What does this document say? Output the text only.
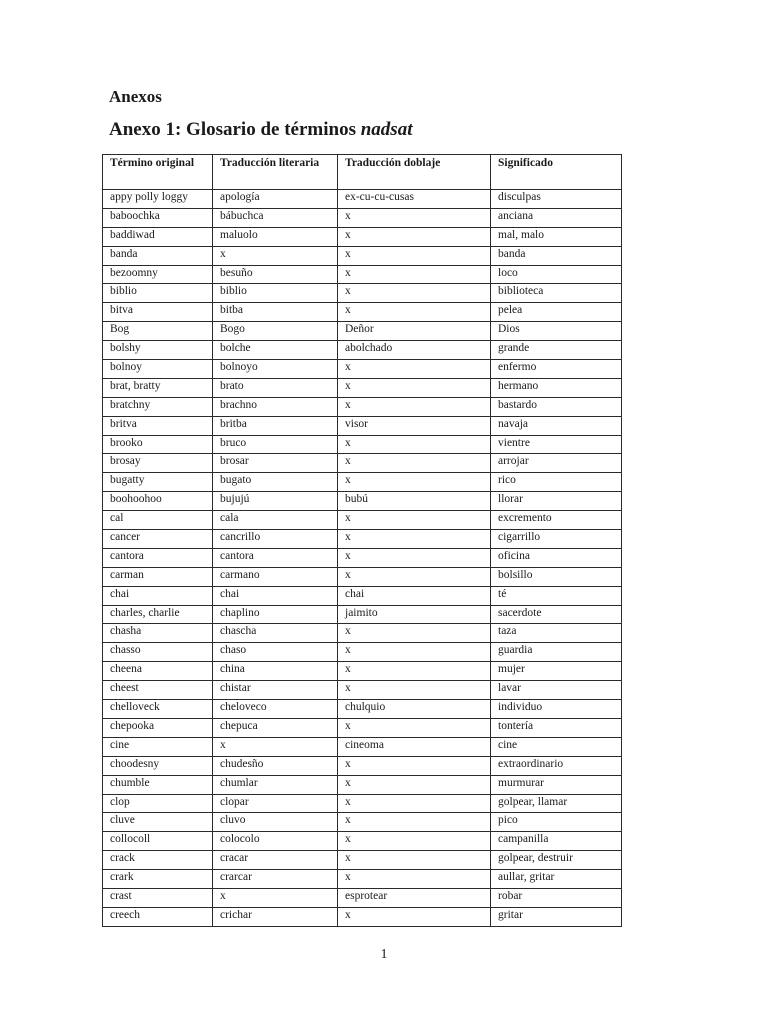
Anexos
Anexo 1: Glosario de términos nadsat
Término original	Traducción literaria	Traducción doblaje	Significado
appy polly loggy	apología	ex-cu-cu-cusas	disculpas
baboochka	bábuchca	x	anciana
baddiwad	maluolo	x	mal, malo
banda	x	x	banda
bezoomny	besuño	x	loco
biblio	biblio	x	biblioteca
bitva	bitba	x	pelea
Bog	Bogo	Deñor	Dios
bolshy	bolche	abolchado	grande
bolnoy	bolnoyo	x	enfermo
brat, bratty	brato	x	hermano
bratchny	brachno	x	bastardo
britva	britba	visor	navaja
brooko	bruco	x	vientre
brosay	brosar	x	arrojar
bugatty	bugato	x	rico
boohoohoo	bujujú	bubú	llorar
cal	cala	x	excremento
cancer	cancrillo	x	cigarrillo
cantora	cantora	x	oficina
carman	carmano	x	bolsillo
chai	chai	chai	té
charles, charlie	chaplino	jaimito	sacerdote
chasha	chascha	x	taza
chasso	chaso	x	guardia
cheena	china	x	mujer
cheest	chistar	x	lavar
chelloveck	cheloveco	chulquio	individuo
chepooka	chepuca	x	tontería
cine	x	cineoma	cine
choodesny	chudesño	x	extraordinario
chumble	chumlar	x	murmurar
clop	clopar	x	golpear, llamar
cluve	cluvo	x	pico
collocoll	colocolo	x	campanilla
crack	cracar	x	golpear, destruir
crark	crarcar	x	aullar, gritar
crast	x	esprotear	robar
creech	crichar	x	gritar
1
